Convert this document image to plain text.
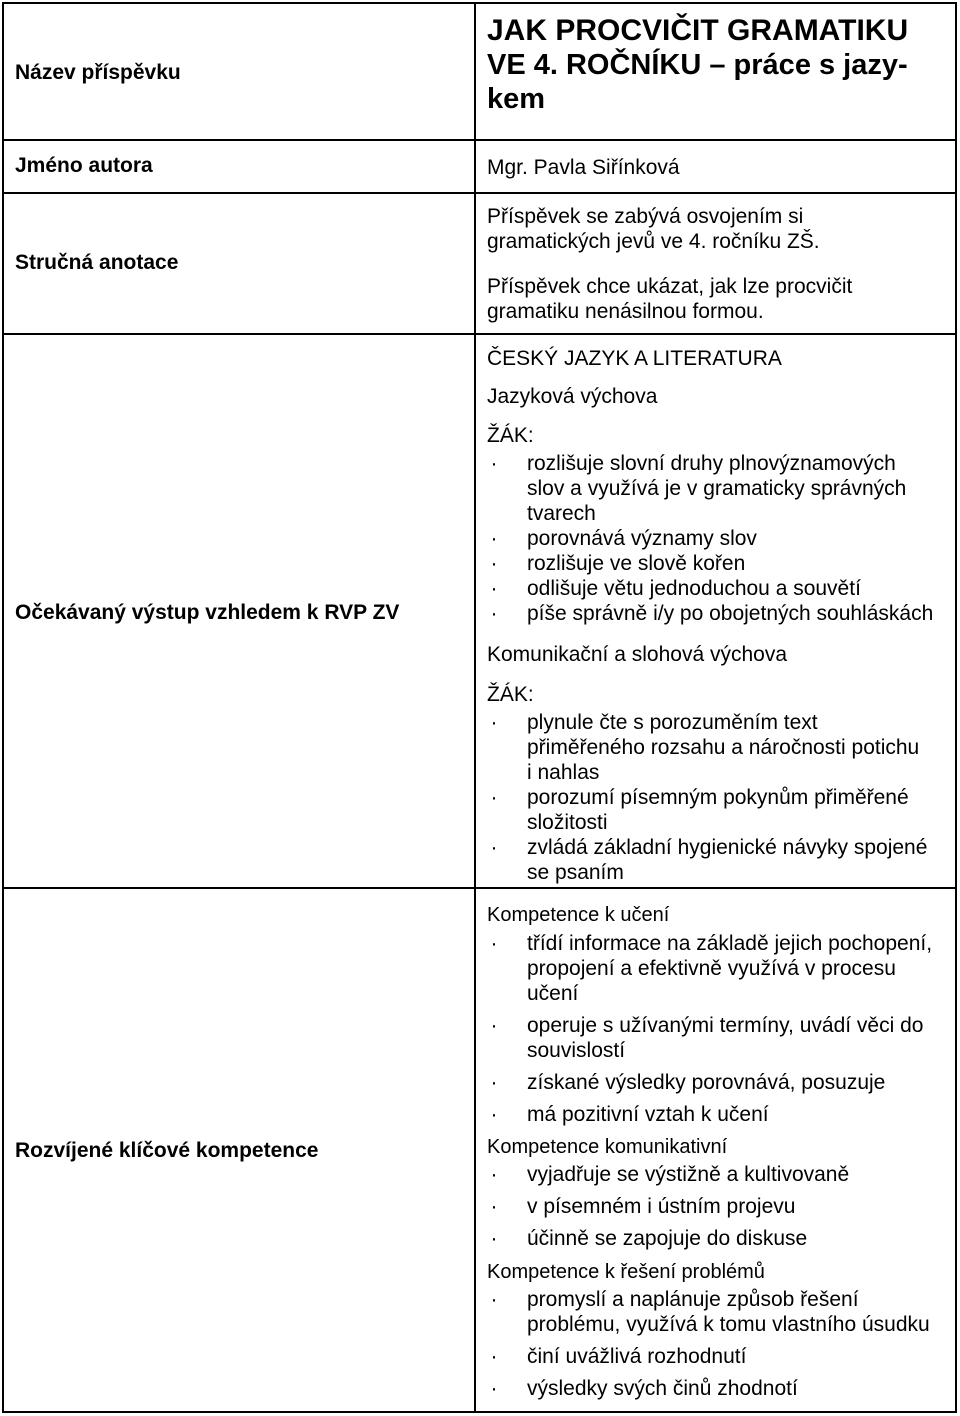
Název příspěvku
JAK PROCVIČIT GRAMATIKU
VE 4. ROČNÍKU – práce s jazy-
kem
Jméno autora	Mgr. Pavla Siřínková
Stručná anotace
Příspěvek se zabývá osvojením si
gramatických jevů ve 4. ročníku ZŠ.
Příspěvek chce ukázat, jak lze procvičit
gramatiku nenásilnou formou.
Očekávaný výstup vzhledem k RVP ZV
ČESKÝ JAZYK A LITERATURA
Jazyková výchova
ŽÁK:
· rozlišuje slovní druhy plnovýznamových
slov a využívá je v gramaticky správných
tvarech
· porovnává významy slov
· rozlišuje ve slově kořen
· odlišuje větu jednoduchou a souvětí
· píše správně i/y po obojetných souhláskách
Komunikační a slohová výchova
ŽÁK:
· plynule čte s porozuměním text
přiměřeného rozsahu a náročnosti potichu
i nahlas
· porozumí písemným pokynům přiměřené
složitosti
· zvládá základní hygienické návyky spojené
se psaním
Rozvíjené klíčové kompetence
Kompetence k učení
· třídí informace na základě jejich pochopení,
propojení a efektivně využívá v procesu
učení
· operuje s užívanými termíny, uvádí věci do
souvislostí
· získané výsledky porovnává, posuzuje
· má pozitivní vztah k učení
Kompetence komunikativní
· vyjadřuje se výstižně a kultivovaně
· v písemném i ústním projevu
· účinně se zapojuje do diskuse
Kompetence k řešení problémů
· promyslí a naplánuje způsob řešení
problému, využívá k tomu vlastního úsudku
· činí uvážlivá rozhodnutí
· výsledky svých činů zhodnotí
